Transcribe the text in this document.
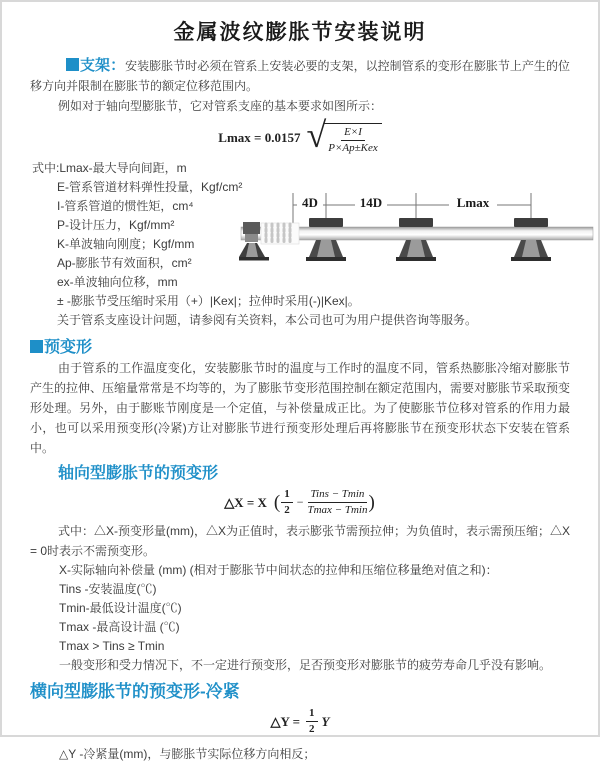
金属波纹膨胀节安装说明

支架：安装膨胀节时必须在管系上安装必要的支架，以控制管系的变形在膨胀节上产生的位移方向并限制在膨胀节的额定位移范围内。

例如对于轴向型膨胀节，它对管系支座的基本要求如图所示：

Lmax = 0.0157 √ $\frac{E\times I}{\text{P×Ap±Kex}}$
式中:Lmax-最大导向间距，m
E-管系管道材料弹性投量，Kgf/cm²
I-管系管道的惯性矩，cm⁴
P-设计压力，Kgf/mm²
K-单波轴向刚度；Kgf/mm
Ap-膨胀节有效面积，cm²
ex-单波轴向位移，mm
± -膨胀节受压缩时采用（+）|Kex|；拉伸时采用(-)|Kex|。
关于管系支座设计问题，请参阅有关资料，本公司也可为用户提供咨询等服务。
4D	14D	Lmax
预变形

由于管系的工作温度变化，安装膨胀节时的温度与工作时的温度不同，管系热膨胀冷缩对膨胀节产生的拉伸、压缩量常常是不均等的，为了膨胀节变形范围控制在额定范围内，需要对膨胀节采取预变形处理。另外，由于膨账节刚度是一个定值，与补偿量成正比。为了使膨胀节位移对管系的作用力最小，也可以采用预变形(冷紧)方让对膨胀节进行预变形处理后再将膨胀节在预变形状态下安装在管系中。

轴向型膨胀节的预变形
△X = X ( $\frac{1}{2} - \frac{\text{Tins − Tmin}}{Tmax - Tmin}$ )

式中：△X-预变形量(mm)，△X为正值时，表示膨张节需预拉伸；为负值时，表示需预压缩；△X = 0时表示不需预变形。

X-实际轴向补偿量 (mm) (相对于膨胀节中间状态的拉伸和压缩位移量绝对值之和)：
Tins -安装温度(℃)
Tmin-最低设计温度(℃)
Tmax -最高设计温 (℃)
Tmax > Tins ≥ Tmin
一般变形和受力情况下，不一定进行预变形，足否预变形对膨胀节的疲劳寿命几乎没有影响。
横向型膨胀节的预变形-冷紧
△Y = $\frac{1}{2}$ Y
△Y -冷紧量(mm)，与膨胀节实际位移方向相反；
